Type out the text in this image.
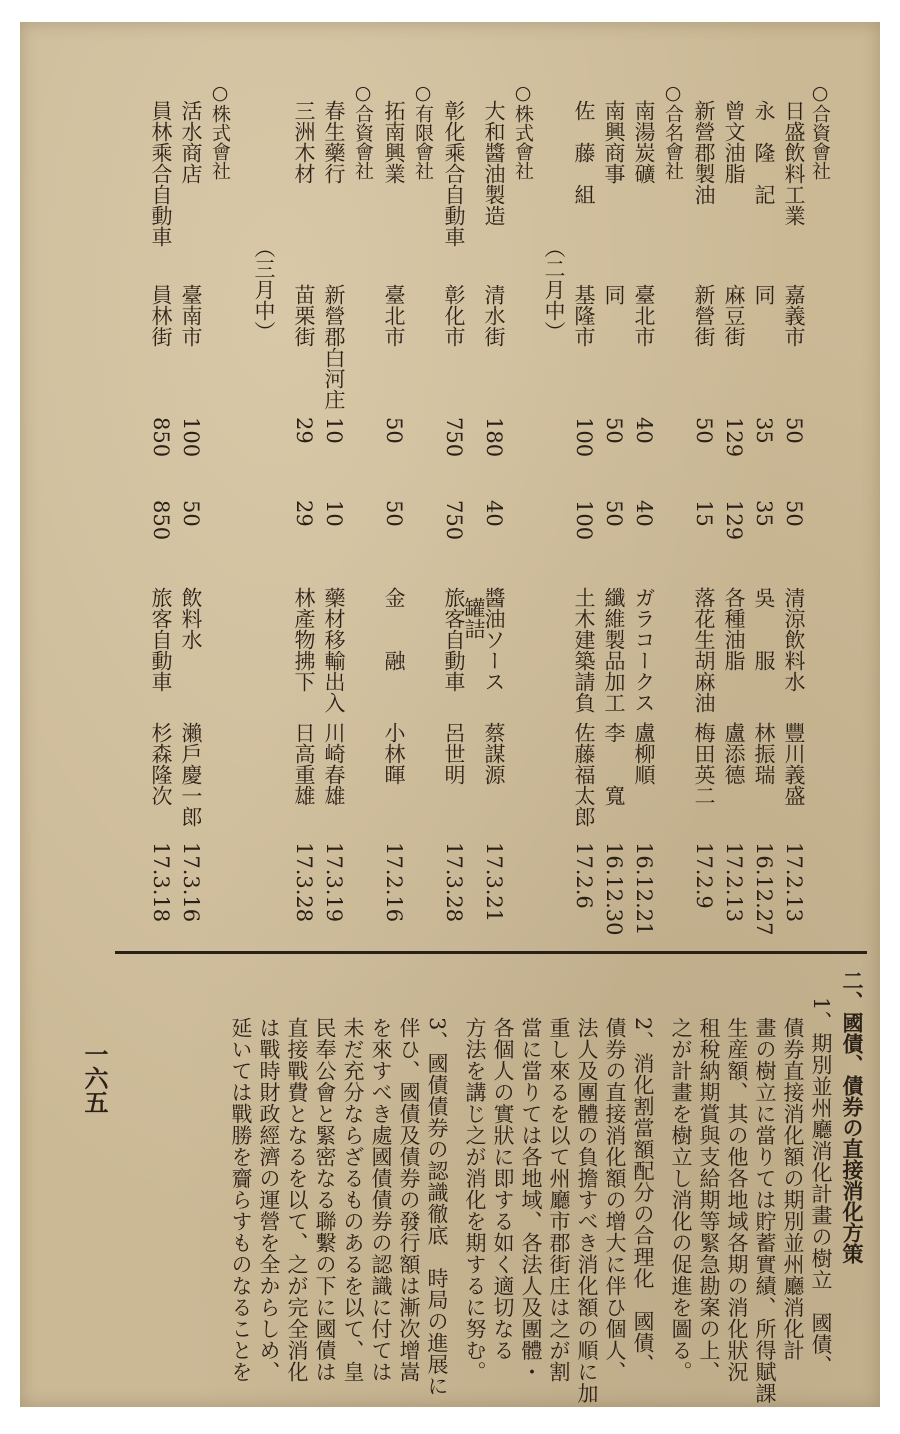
○合資會社
日盛飲料工業
嘉義市
50
50
清涼飲料水
豐川義盛
17.2.13
永　隆　記
同
35
35
吳　　服
林振瑞
16.12.27
曾文油脂
麻豆街
129
129
各種油脂
盧添德
17.2.13
新營郡製油
新營街
50
15
落花生胡麻油
梅田英二
17.2.9
○合名會社
南湯炭礦
臺北市
40
40
ガラコークス
盧柳順
16.12.21
南興商事
同
50
50
纖維製品加工
李　　寬
16.12.30
佐　藤　組
基隆市
100
100
土木建築請負
佐藤福太郎
17.2.6
（二月中）
○株式會社
大和醬油製造
清水街
180
40
醬油ソース
蔡謀源
17.3.21
罐詰
彰化乘合自動車
彰化市
750
750
旅客自動車
呂世明
17.3.28
○有限會社
拓南興業
臺北市
50
50
金　　融
小林暉
17.2.16
○合資會社
春生藥行
新營郡白河庄
10
10
藥材移輸出入
川崎春雄
17.3.19
三洲木材
苗栗街
29
29
林產物拂下
日高重雄
17.3.28
（三月中）
○株式會社
活水商店
臺南市
100
50
飲料水
瀨戶慶一郎
17.3.16
員林乘合自動車
員林街
850
850
旅客自動車
杉森隆次
17.3.18
二、國債、債券の直接消化方策
1、期別並州廳消化計畫の樹立　國債、
債券直接消化額の期別並州廳消化計
畫の樹立に當りては貯蓄實績、所得賦課
生産額、其の他各地域各期の消化狀況
租稅納期賞與支給期等緊急勘案の上、
之が計畫を樹立し消化の促進を圖る。
2、消化割當額配分の合理化　國債、
債券の直接消化額の增大に伴ひ個人、
法人及團體の負擔すべき消化額の順に加
重し來るを以て州廳市郡街庄は之が割
當に當りては各地域、各法人及團體・
各個人の實狀に即する如く適切なる
方法を講じ之が消化を期するに努む。
3、國債債券の認識徹底　時局の進展に
伴ひ、國債及債券の發行額は漸次增嵩
を來すべき處國債債券の認識に付ては
未だ充分ならざるものあるを以て、皇
民奉公會と緊密なる聯繫の下に國債は
直接戰費となるを以て、之が完全消化
は戰時財政經濟の運營を全からしめ、
延いては戰勝を齎らすものなることを
一六五
